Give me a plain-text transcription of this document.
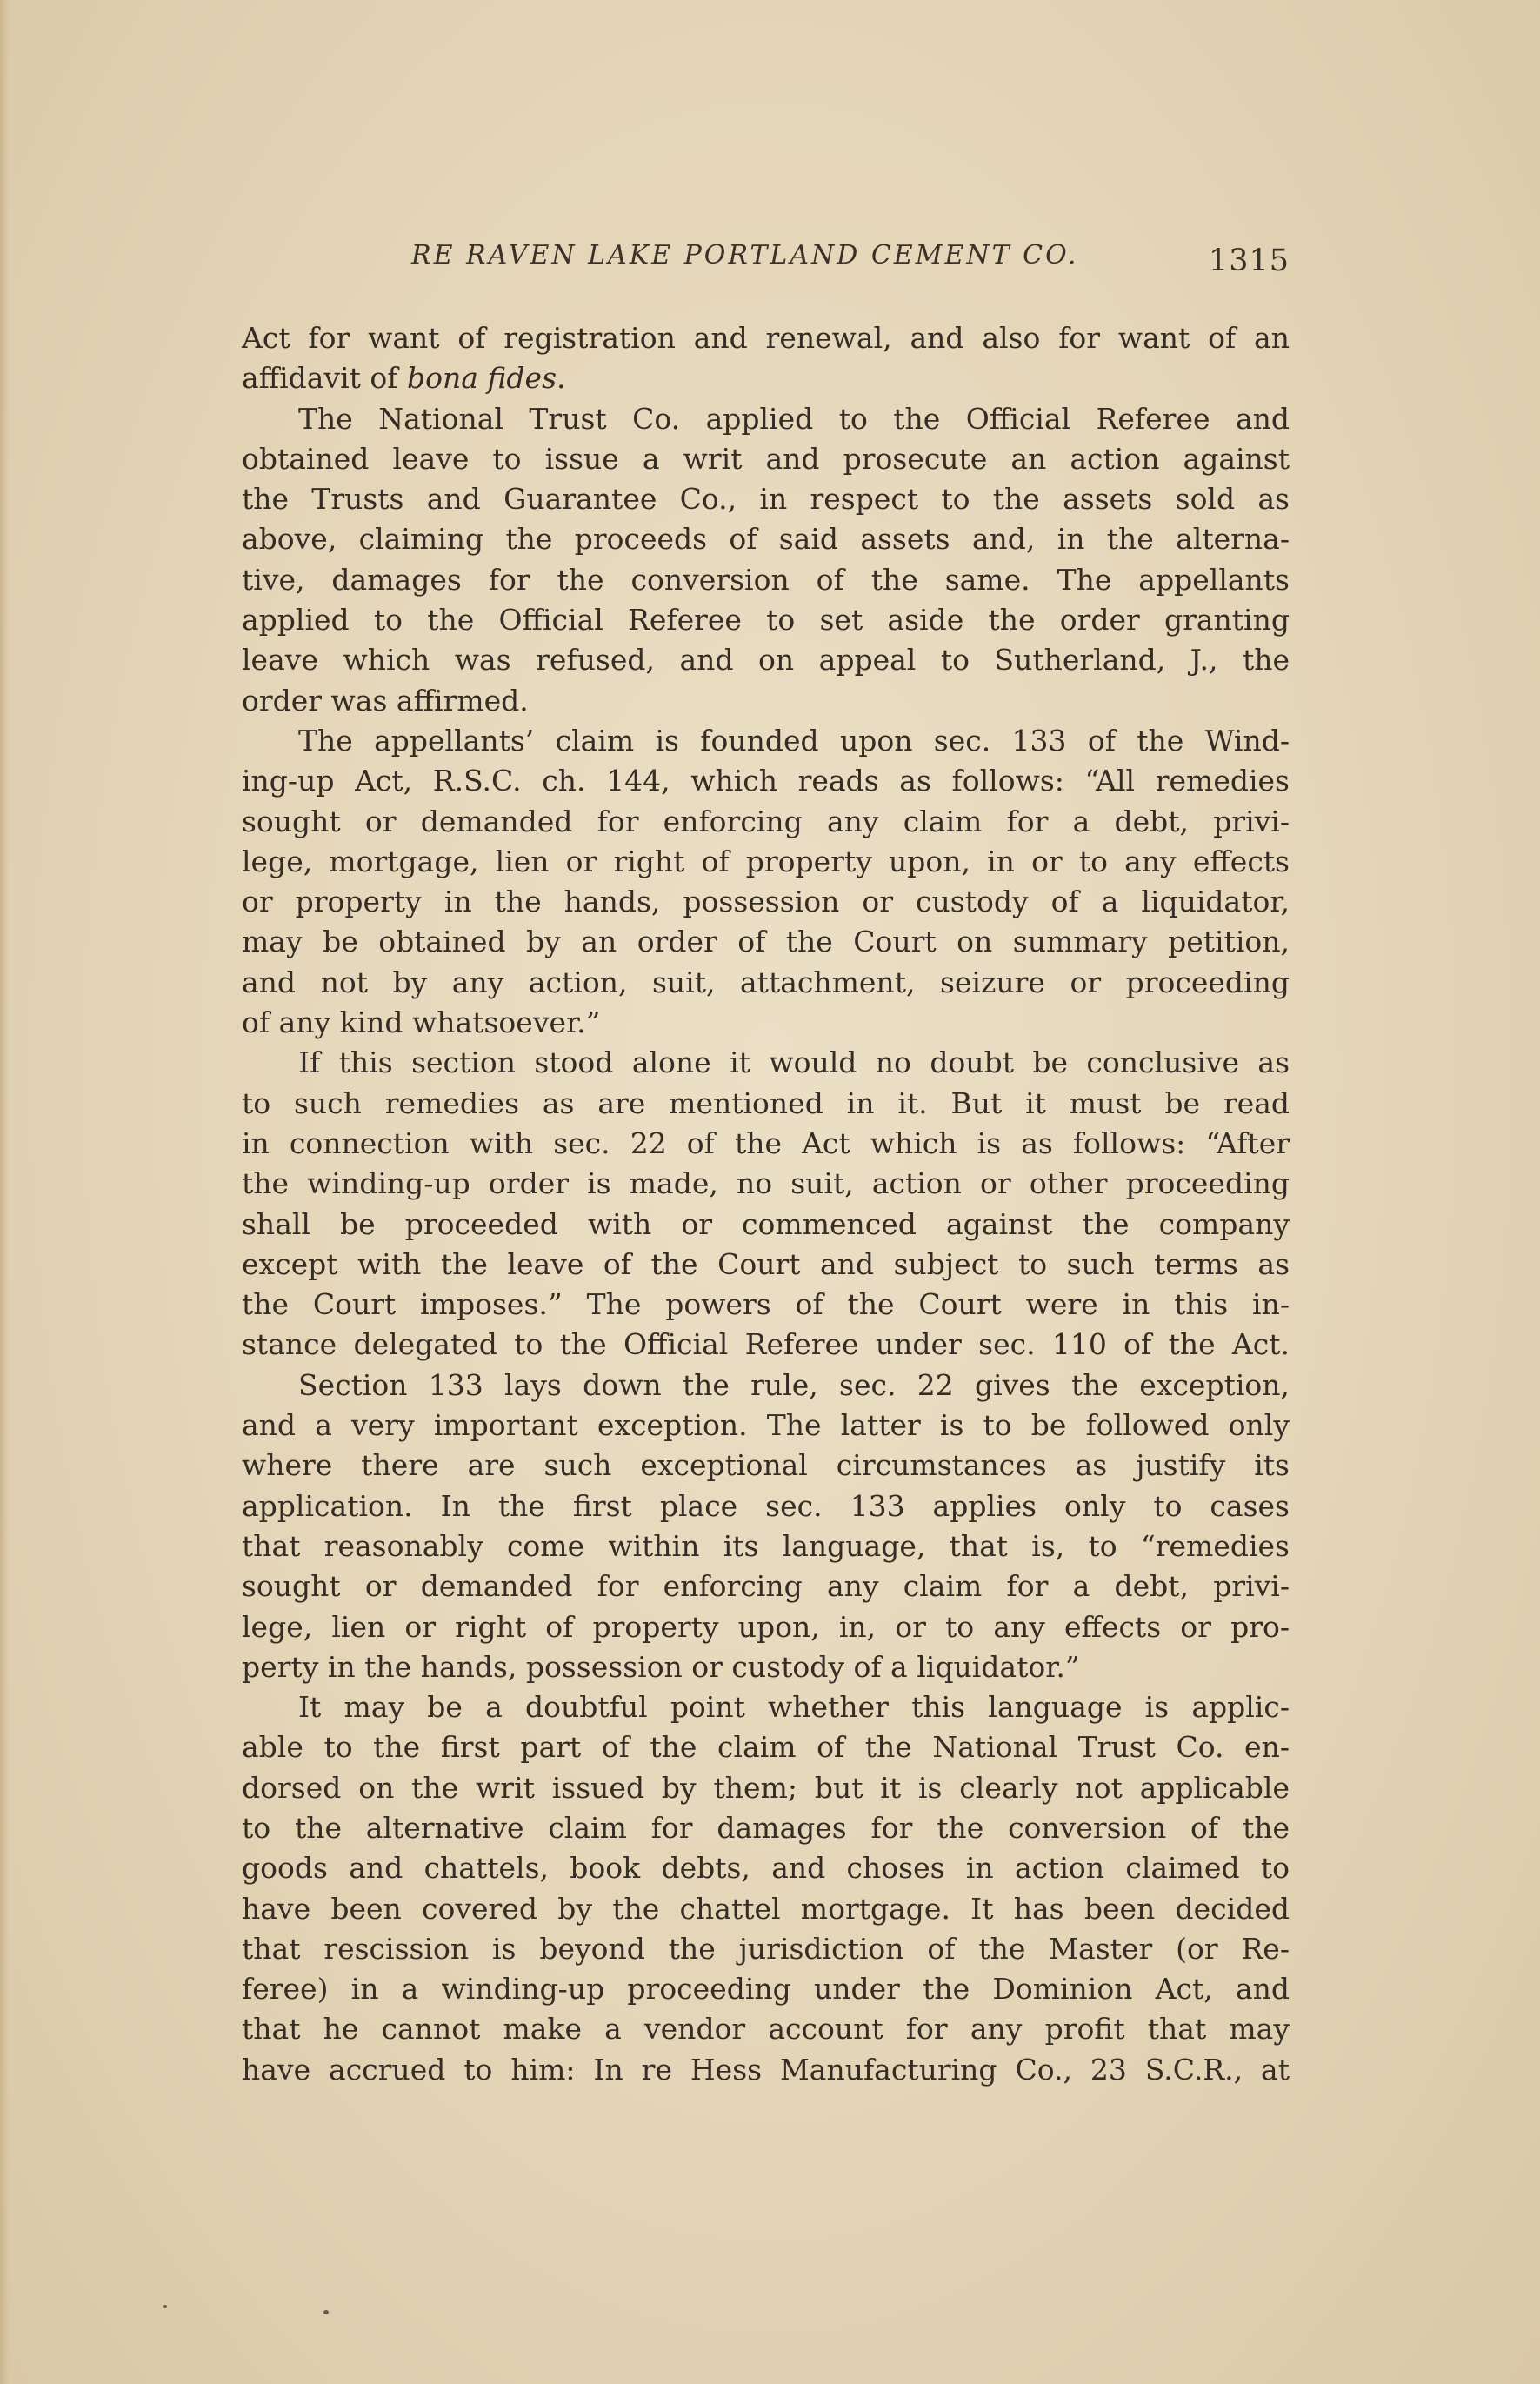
RE RAVEN LAKE PORTLAND CEMENT CO.	1315
Act for want of registration and renewal, and also for want of an
affidavit of bona fides.
The National Trust Co. applied to the Official Referee and
obtained leave to issue a writ and prosecute an action against
the Trusts and Guarantee Co., in respect to the assets sold as
above, claiming the proceeds of said assets and, in the alterna-
tive, damages for the conversion of the same. The appellants
applied to the Official Referee to set aside the order granting
leave which was refused, and on appeal to Sutherland, J., the
order was affirmed.
The appellants’ claim is founded upon sec. 133 of the Wind-
ing-up Act, R.S.C. ch. 144, which reads as follows: “All remedies
sought or demanded for enforcing any claim for a debt, privi-
lege, mortgage, lien or right of property upon, in or to any effects
or property in the hands, possession or custody of a liquidator,
may be obtained by an order of the Court on summary petition,
and not by any action, suit, attachment, seizure or proceeding
of any kind whatsoever.”
If this section stood alone it would no doubt be conclusive as
to such remedies as are mentioned in it. But it must be read
in connection with sec. 22 of the Act which is as follows: “After
the winding-up order is made, no suit, action or other proceeding
shall be proceeded with or commenced against the company
except with the leave of the Court and subject to such terms as
the Court imposes.” The powers of the Court were in this in-
stance delegated to the Official Referee under sec. 110 of the Act.
Section 133 lays down the rule, sec. 22 gives the exception,
and a very important exception. The latter is to be followed only
where there are such exceptional circumstances as justify its
application. In the first place sec. 133 applies only to cases
that reasonably come within its language, that is, to “remedies
sought or demanded for enforcing any claim for a debt, privi-
lege, lien or right of property upon, in, or to any effects or pro-
perty in the hands, possession or custody of a liquidator.”
It may be a doubtful point whether this language is applic-
able to the first part of the claim of the National Trust Co. en-
dorsed on the writ issued by them; but it is clearly not applicable
to the alternative claim for damages for the conversion of the
goods and chattels, book debts, and choses in action claimed to
have been covered by the chattel mortgage. It has been decided
that rescission is beyond the jurisdiction of the Master (or Re-
feree) in a winding-up proceeding under the Dominion Act, and
that he cannot make a vendor account for any profit that may
have accrued to him: In re Hess Manufacturing Co., 23 S.C.R., at
